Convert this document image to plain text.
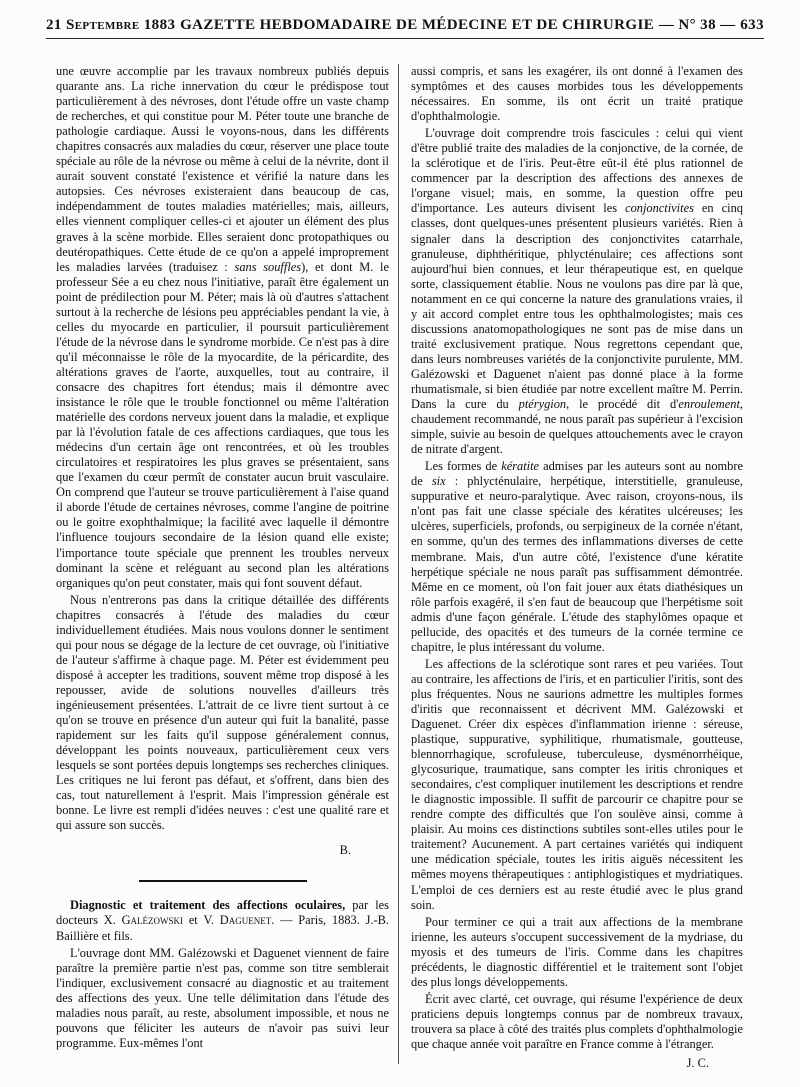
21 Septembre 1883 GAZETTE HEBDOMADAIRE DE MÉDECINE ET DE CHIRURGIE — N° 38 — 633

une œuvre accomplie par les travaux nombreux publiés depuis quarante ans. La riche innervation du cœur le prédispose tout particulièrement à des névroses, dont l'étude offre un vaste champ de recherches, et qui constitue pour M. Péter toute une branche de pathologie cardiaque. Aussi le voyons-nous, dans les différents chapitres consacrés aux maladies du cœur, réserver une place toute spéciale au rôle de la névrose ou même à celui de la névrite, dont il aurait souvent constaté l'existence et vérifié la nature dans les autopsies. Ces névroses existeraient dans beaucoup de cas, indépendamment de toutes maladies matérielles; mais, ailleurs, elles viennent compliquer celles-ci et ajouter un élément des plus graves à la scène morbide. Elles seraient donc protopathiques ou deutéropathiques. Cette étude de ce qu'on a appelé improprement les maladies larvées (traduisez : sans souffles), et dont M. le professeur Sée a eu chez nous l'initiative, paraît être également un point de prédilection pour M. Péter; mais là où d'autres s'attachent surtout à la recherche de lésions peu appréciables pendant la vie, à celles du myocarde en particulier, il poursuit particulièrement l'étude de la névrose dans le syndrome morbide. Ce n'est pas à dire qu'il méconnaisse le rôle de la myocardite, de la péricardite, des altérations graves de l'aorte, auxquelles, tout au contraire, il consacre des chapitres fort étendus; mais il démontre avec insistance le rôle que le trouble fonctionnel ou même l'altération matérielle des cordons nerveux jouent dans la maladie, et explique par là l'évolution fatale de ces affections cardiaques, que tous les médecins d'un certain âge ont rencontrées, et où les troubles circulatoires et respiratoires les plus graves se présentaient, sans que l'examen du cœur permît de constater aucun bruit vasculaire. On comprend que l'auteur se trouve particulièrement à l'aise quand il aborde l'étude de certaines névroses, comme l'angine de poitrine ou le goitre exophthalmique; la facilité avec laquelle il démontre l'influence toujours secondaire de la lésion quand elle existe; l'importance toute spéciale que prennent les troubles nerveux dominant la scène et reléguant au second plan les altérations organiques qu'on peut constater, mais qui font souvent défaut.

Nous n'entrerons pas dans la critique détaillée des différents chapitres consacrés à l'étude des maladies du cœur individuellement étudiées. Mais nous voulons donner le sentiment qui pour nous se dégage de la lecture de cet ouvrage, où l'initiative de l'auteur s'affirme à chaque page. M. Péter est évidemment peu disposé à accepter les traditions, souvent même trop disposé à les repousser, avide de solutions nouvelles d'ailleurs très ingénieusement présentées. L'attrait de ce livre tient surtout à ce qu'on se trouve en présence d'un auteur qui fuit la banalité, passe rapidement sur les faits qu'il suppose généralement connus, développant les points nouveaux, particulièrement ceux vers lesquels se sont portées depuis longtemps ses recherches cliniques. Les critiques ne lui feront pas défaut, et s'offrent, dans bien des cas, tout naturellement à l'esprit. Mais l'impression générale est bonne. Le livre est rempli d'idées neuves : c'est une qualité rare et qui assure son succès.

B.

Diagnostic et traitement des affections oculaires, par les docteurs X. Galézowski et V. Daguenet. — Paris, 1883. J.-B. Baillière et fils.

L'ouvrage dont MM. Galézowski et Daguenet viennent de faire paraître la première partie n'est pas, comme son titre semblerait l'indiquer, exclusivement consacré au diagnostic et au traitement des affections des yeux. Une telle délimitation dans l'étude des maladies nous paraît, au reste, absolument impossible, et nous ne pouvons que féliciter les auteurs de n'avoir pas suivi leur programme. Eux-mêmes l'ont

aussi compris, et sans les exagérer, ils ont donné à l'examen des symptômes et des causes morbides tous les développements nécessaires. En somme, ils ont écrit un traité pratique d'ophthalmologie.

L'ouvrage doit comprendre trois fascicules : celui qui vient d'être publié traite des maladies de la conjonctive, de la cornée, de la sclérotique et de l'iris. Peut-être eût-il été plus rationnel de commencer par la description des affections des annexes de l'organe visuel; mais, en somme, la question offre peu d'importance. Les auteurs divisent les conjonctivites en cinq classes, dont quelques-unes présentent plusieurs variétés. Rien à signaler dans la description des conjonctivites catarrhale, granuleuse, diphthéritique, phlycténulaire; ces affections sont aujourd'hui bien connues, et leur thérapeutique est, en quelque sorte, classiquement établie. Nous ne voulons pas dire par là que, notamment en ce qui concerne la nature des granulations vraies, il y ait accord complet entre tous les ophthalmologistes; mais ces discussions anatomopathologiques ne sont pas de mise dans un traité exclusivement pratique. Nous regrettons cependant que, dans leurs nombreuses variétés de la conjonctivite purulente, MM. Galézowski et Daguenet n'aient pas donné place à la forme rhumatismale, si bien étudiée par notre excellent maître M. Perrin. Dans la cure du ptérygion, le procédé dit d'enroulement, chaudement recommandé, ne nous paraît pas supérieur à l'excision simple, suivie au besoin de quelques attouchements avec le crayon de nitrate d'argent.

Les formes de kératite admises par les auteurs sont au nombre de six : phlycténulaire, herpétique, interstitielle, granuleuse, suppurative et neuro-paralytique. Avec raison, croyons-nous, ils n'ont pas fait une classe spéciale des kératites ulcéreuses; les ulcères, superficiels, profonds, ou serpigineux de la cornée n'étant, en somme, qu'un des termes des inflammations diverses de cette membrane. Mais, d'un autre côté, l'existence d'une kératite herpétique spéciale ne nous paraît pas suffisamment démontrée. Même en ce moment, où l'on fait jouer aux états diathésiques un rôle parfois exagéré, il s'en faut de beaucoup que l'herpétisme soit admis d'une façon générale. L'étude des staphylômes opaque et pellucide, des opacités et des tumeurs de la cornée termine ce chapitre, le plus intéressant du volume.

Les affections de la sclérotique sont rares et peu variées. Tout au contraire, les affections de l'iris, et en particulier l'iritis, sont des plus fréquentes. Nous ne saurions admettre les multiples formes d'iritis que reconnaissent et décrivent MM. Galézowski et Daguenet. Créer dix espèces d'inflammation irienne : séreuse, plastique, suppurative, syphilitique, rhumatismale, goutteuse, blennorrhagique, scrofuleuse, tuberculeuse, dysménorrhéique, glycosurique, traumatique, sans compter les iritis chroniques et secondaires, c'est compliquer inutilement les descriptions et rendre le diagnostic impossible. Il suffit de parcourir ce chapitre pour se rendre compte des difficultés que l'on soulève ainsi, comme à plaisir. Au moins ces distinctions subtiles sont-elles utiles pour le traitement? Aucunement. A part certaines variétés qui indiquent une médication spéciale, toutes les iritis aiguës nécessitent les mêmes moyens thérapeutiques : antiphlogistiques et mydriatiques. L'emploi de ces derniers est au reste étudié avec le plus grand soin.

Pour terminer ce qui a trait aux affections de la membrane irienne, les auteurs s'occupent successivement de la mydriase, du myosis et des tumeurs de l'iris. Comme dans les chapitres précédents, le diagnostic différentiel et le traitement sont l'objet des plus longs développements.

Écrit avec clarté, cet ouvrage, qui résume l'expérience de deux praticiens depuis longtemps connus par de nombreux travaux, trouvera sa place à côté des traités plus complets d'ophthalmologie que chaque année voit paraître en France comme à l'étranger.

J. C.
